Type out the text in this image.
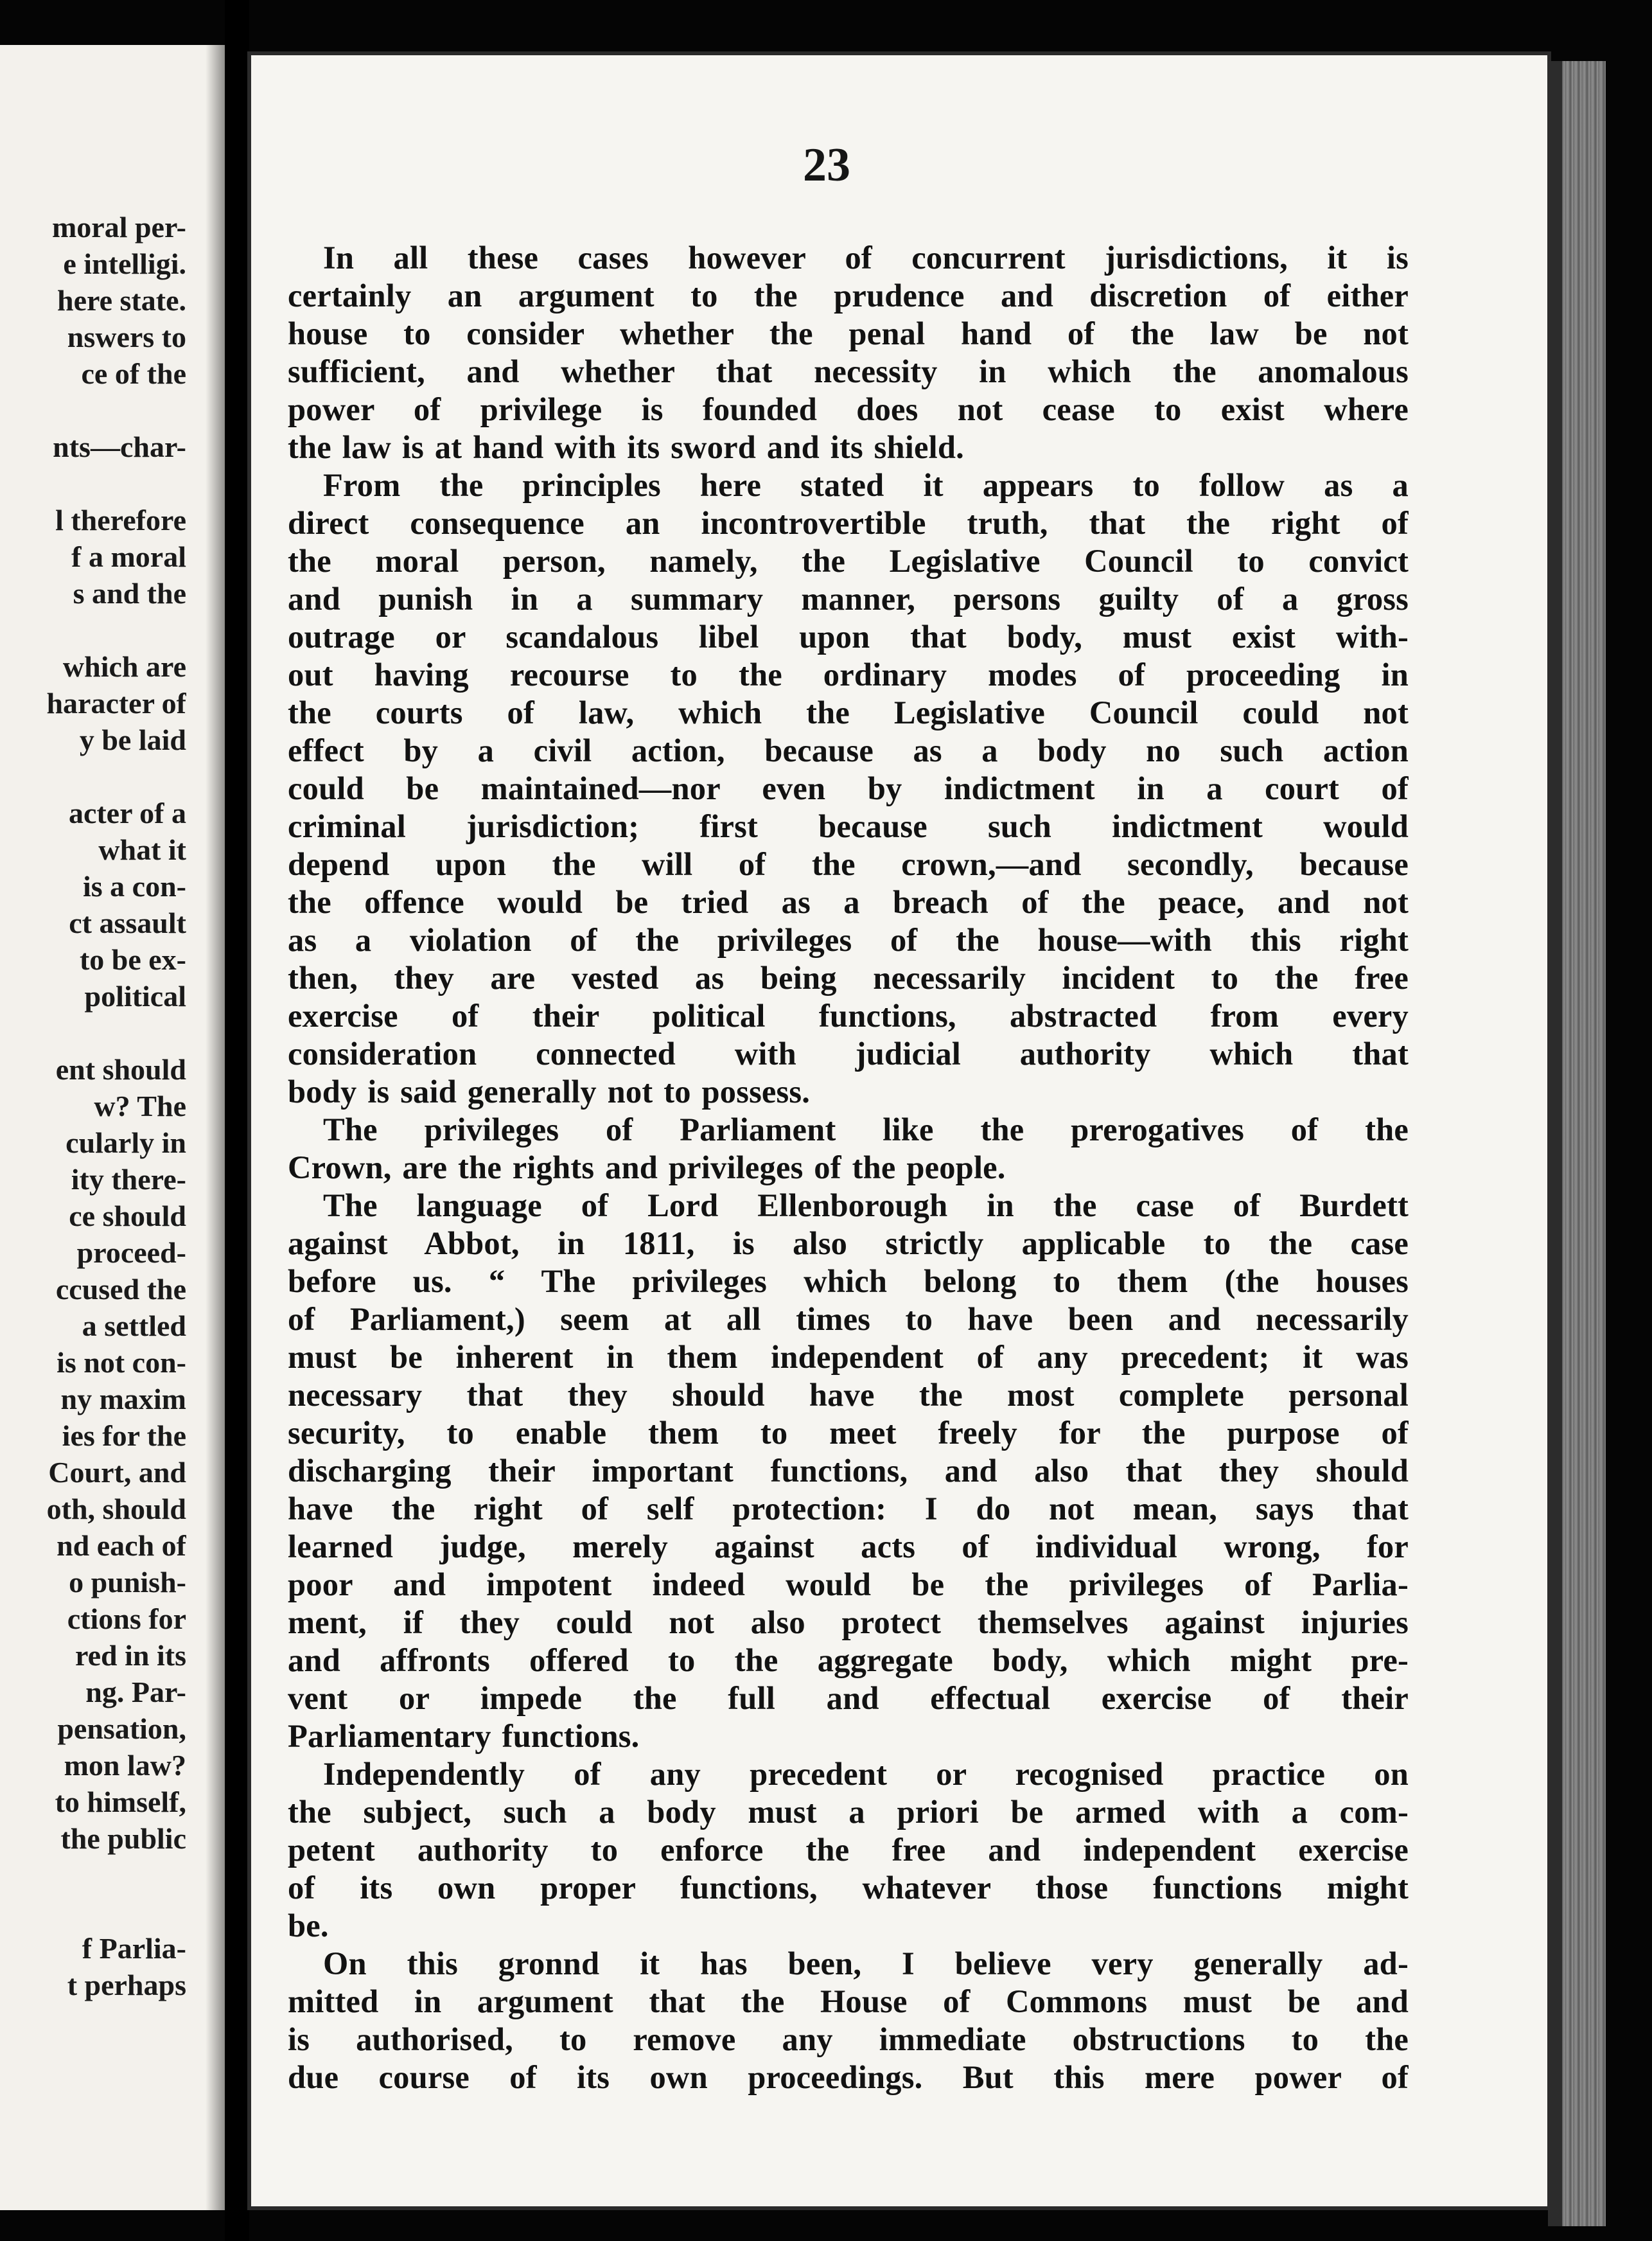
moral per-
e intelligi.
here state.
nswers to
ce of the
nts—char-
l therefore
f a moral
s and the
which are
haracter of
y be laid
acter of a
what it
is a con-
ct assault
to be ex-
political
ent should
w? The
cularly in
ity there-
ce should
proceed-
ccused the
a settled
is not con-
ny maxim
ies for the
Court, and
oth, should
nd each of
o punish-
ctions for
red in its
ng. Par-
pensation,
mon law?
to himself,
the public
f Parlia-
t perhaps
23
In all these cases however of concurrent jurisdictions, it is
certainly an argument to the prudence and discretion of either
house to consider whether the penal hand of the law be not
sufficient, and whether that necessity in which the anomalous
power of privilege is founded does not cease to exist where
the law is at hand with its sword and its shield.
From the principles here stated it appears to follow as a
direct consequence an incontrovertible truth, that the right of
the moral person, namely, the Legislative Council to convict
and punish in a summary manner, persons guilty of a gross
outrage or scandalous libel upon that body, must exist with-
out having recourse to the ordinary modes of proceeding in
the courts of law, which the Legislative Council could not
effect by a civil action, because as a body no such action
could be maintained—nor even by indictment in a court of
criminal jurisdiction; first because such indictment would
depend upon the will of the crown,—and secondly, because
the offence would be tried as a breach of the peace, and not
as a violation of the privileges of the house—with this right
then, they are vested as being necessarily incident to the free
exercise of their political functions, abstracted from every
consideration connected with judicial authority which that
body is said generally not to possess.
The privileges of Parliament like the prerogatives of the
Crown, are the rights and privileges of the people.
The language of Lord Ellenborough in the case of Burdett
against Abbot, in 1811, is also strictly applicable to the case
before us. “ The privileges which belong to them (the houses
of Parliament,) seem at all times to have been and necessarily
must be inherent in them independent of any precedent; it was
necessary that they should have the most complete personal
security, to enable them to meet freely for the purpose of
discharging their important functions, and also that they should
have the right of self protection: I do not mean, says that
learned judge, merely against acts of individual wrong, for
poor and impotent indeed would be the privileges of Parlia-
ment, if they could not also protect themselves against injuries
and affronts offered to the aggregate body, which might pre-
vent or impede the full and effectual exercise of their
Parliamentary functions.
Independently of any precedent or recognised practice on
the subject, such a body must a priori be armed with a com-
petent authority to enforce the free and independent exercise
of its own proper functions, whatever those functions might
be.
On this gronnd it has been, I believe very generally ad-
mitted in argument that the House of Commons must be and
is authorised, to remove any immediate obstructions to the
due course of its own proceedings. But this mere power of
